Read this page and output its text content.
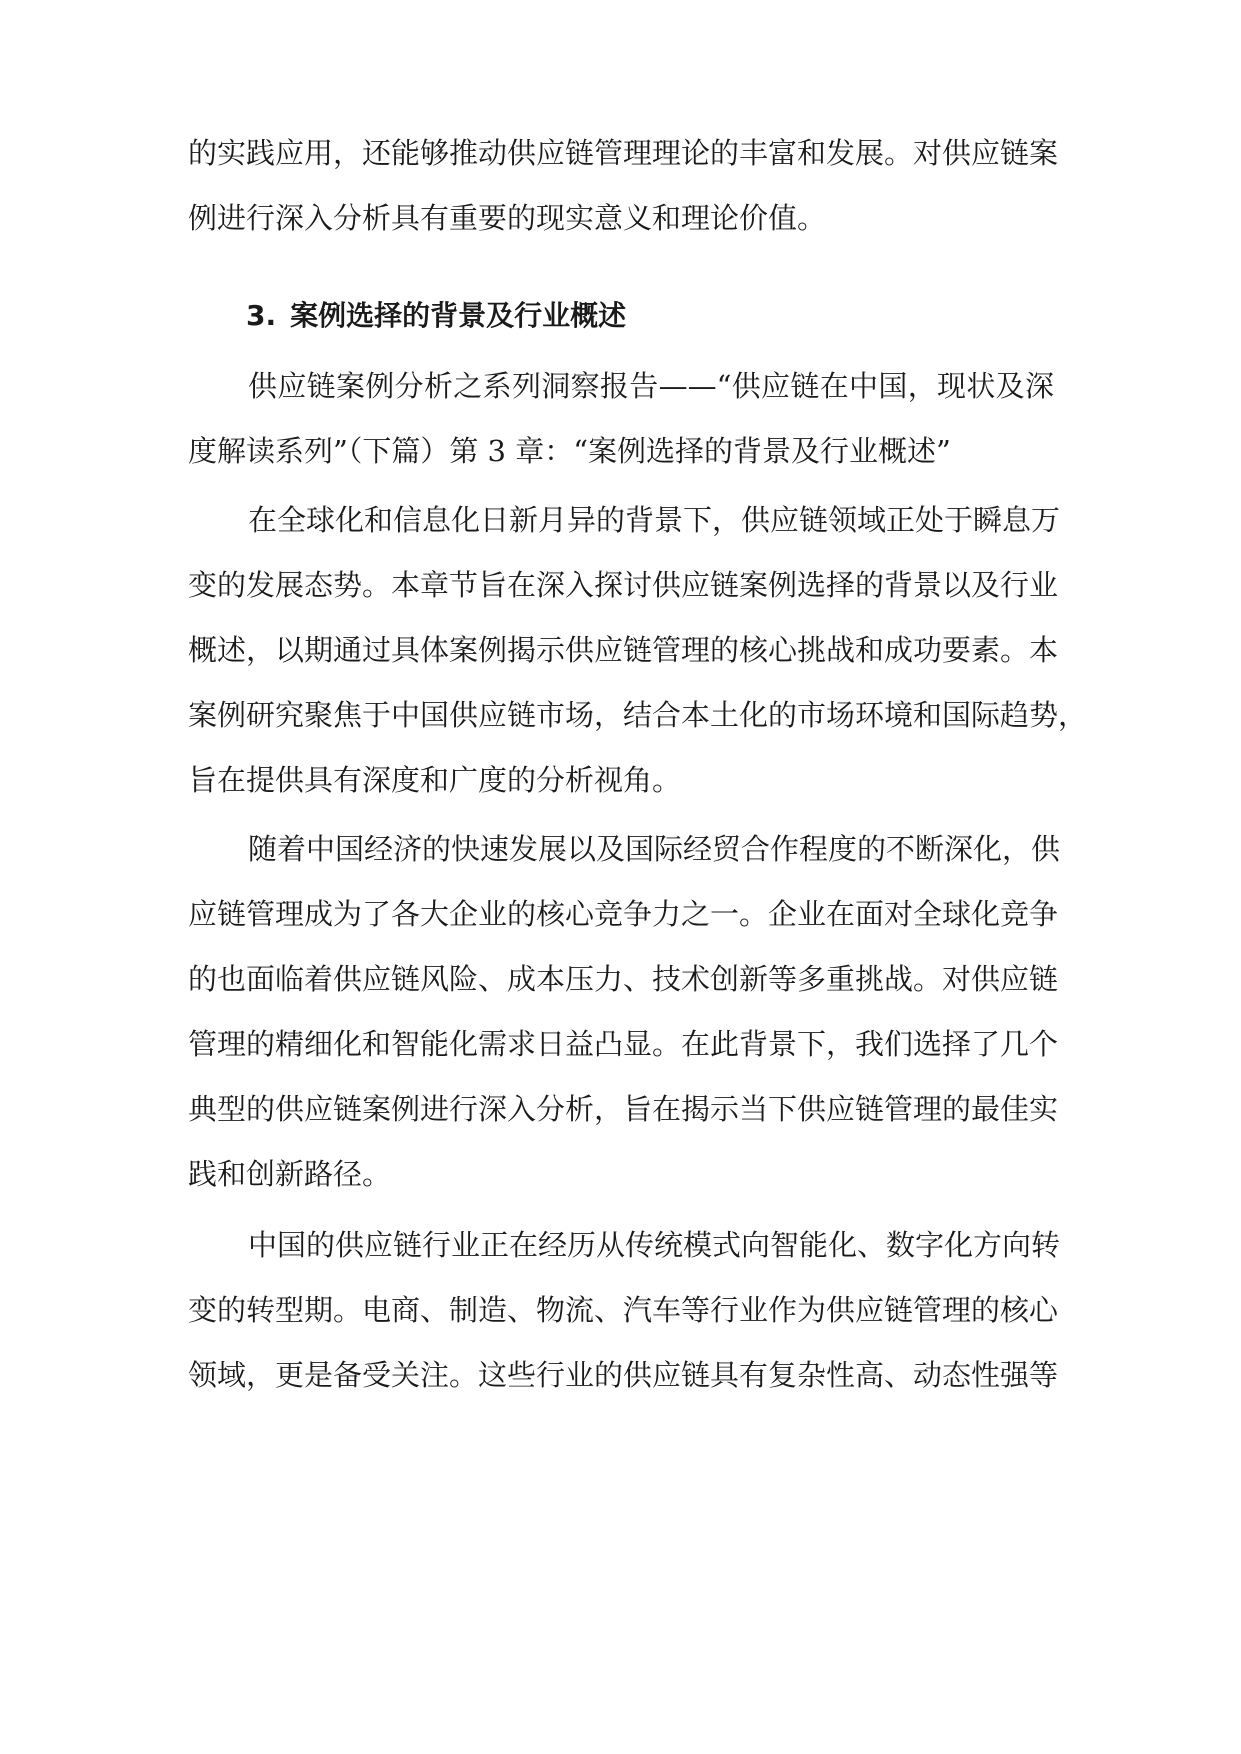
的实践应用，还能够推动供应链管理理论的丰富和发展。对供应链案

例进行深入分析具有重要的现实意义和理论价值。

3. 案例选择的背景及行业概述

供应链案例分析之系列洞察报告——“供应链在中国，现状及深

度解读系列”（下篇）第 3 章：“案例选择的背景及行业概述”

在全球化和信息化日新月异的背景下，供应链领域正处于瞬息万

变的发展态势。本章节旨在深入探讨供应链案例选择的背景以及行业

概述，以期通过具体案例揭示供应链管理的核心挑战和成功要素。本

案例研究聚焦于中国供应链市场，结合本土化的市场环境和国际趋势，

旨在提供具有深度和广度的分析视角。

随着中国经济的快速发展以及国际经贸合作程度的不断深化，供

应链管理成为了各大企业的核心竞争力之一。企业在面对全球化竞争

的也面临着供应链风险、成本压力、技术创新等多重挑战。对供应链

管理的精细化和智能化需求日益凸显。在此背景下，我们选择了几个

典型的供应链案例进行深入分析，旨在揭示当下供应链管理的最佳实

践和创新路径。

中国的供应链行业正在经历从传统模式向智能化、数字化方向转

变的转型期。电商、制造、物流、汽车等行业作为供应链管理的核心

领域，更是备受关注。这些行业的供应链具有复杂性高、动态性强等
